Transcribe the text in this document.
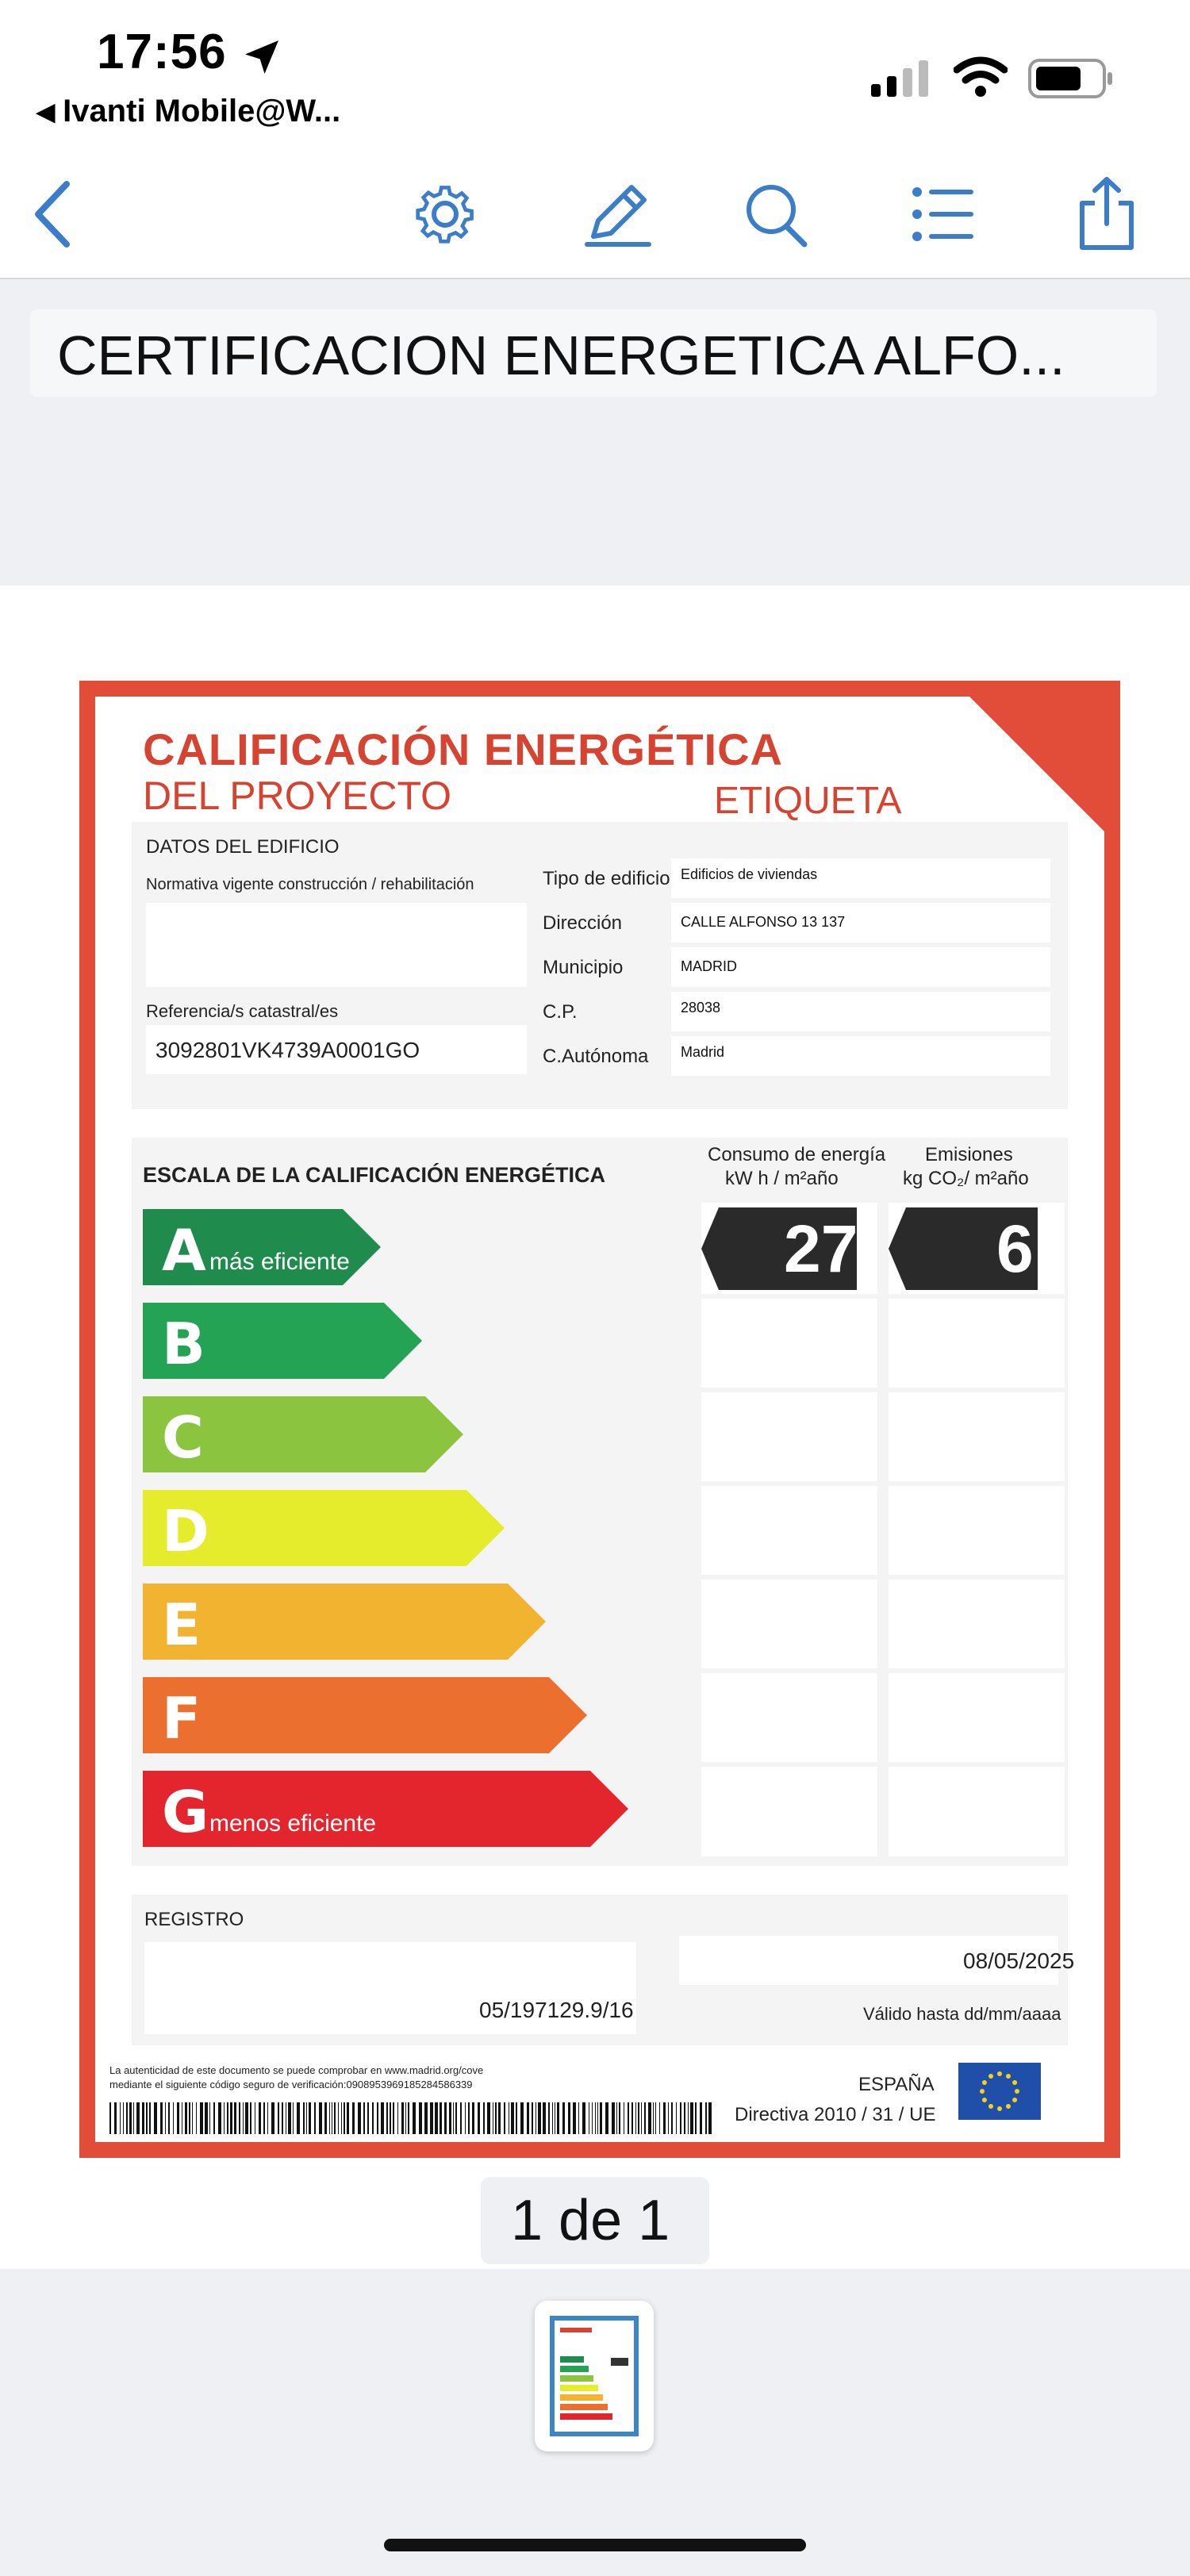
17:56
◀ Ivanti Mobile@W...
CERTIFICACION ENERGETICA ALFO...
CALIFICACIÓN ENERGÉTICA
DEL PROYECTO	ETIQUETA
DATOS DEL EDIFICIO
Normativa vigente construcción / rehabilitación
Referencia/s catastral/es
3092801VK4739A0001GO
Tipo de edificio
Dirección
Municipio
C.P.
C.Autónoma
Edificios de viviendas
CALLE ALFONSO 13 137
MADRID
28038
Madrid
ESCALA DE LA CALIFICACIÓN ENERGÉTICA
Consumo de energía
kW h / m²año
Emisiones
kg CO₂/ m²año
A más eficiente
B
C
D
E
F
G menos eficiente
27 6
REGISTRO
05/197129.9/16
08/05/2025
Válido hasta dd/mm/aaaa
La autenticidad de este documento se puede comprobar en www.madrid.org/cove
mediante el siguiente código seguro de verificación:0908953969185284586339	ESPAÑA
Directiva 2010 / 31 / UE
1 de 1
